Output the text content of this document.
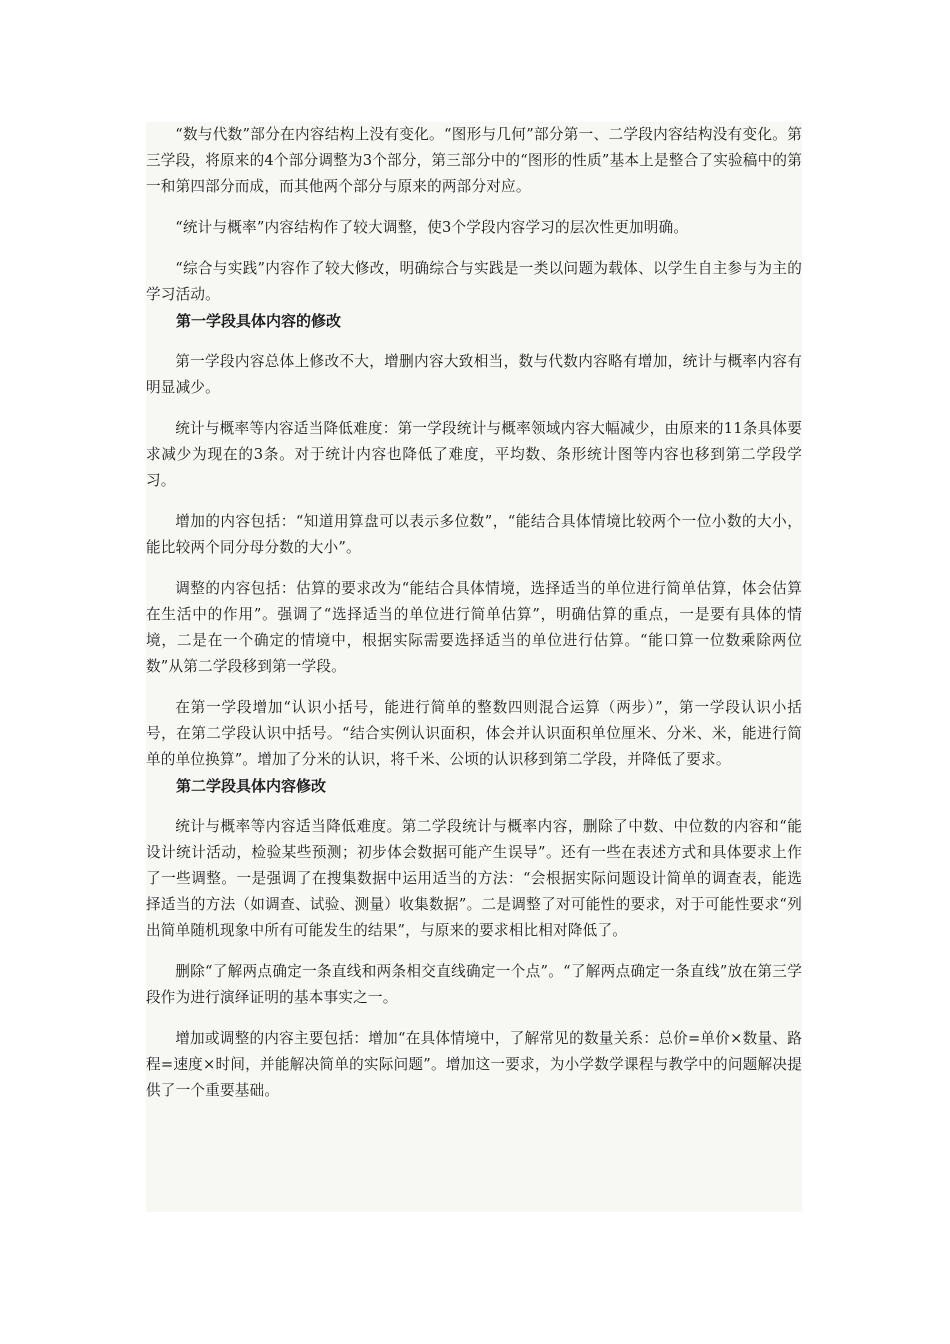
“数与代数”部分在内容结构上没有变化。“图形与几何”部分第一、二学段内容结构没有变化。第三学段，将原来的4个部分调整为3个部分，第三部分中的“图形的性质”基本上是整合了实验稿中的第一和第四部分而成，而其他两个部分与原来的两部分对应。

“统计与概率”内容结构作了较大调整，使3个学段内容学习的层次性更加明确。

“综合与实践”内容作了较大修改，明确综合与实践是一类以问题为载体、以学生自主参与为主的学习活动。

第一学段具体内容的修改

第一学段内容总体上修改不大，增删内容大致相当，数与代数内容略有增加，统计与概率内容有明显减少。

统计与概率等内容适当降低难度：第一学段统计与概率领域内容大幅减少，由原来的11条具体要求减少为现在的3条。对于统计内容也降低了难度，平均数、条形统计图等内容也移到第二学段学习。

增加的内容包括：“知道用算盘可以表示多位数”，“能结合具体情境比较两个一位小数的大小，能比较两个同分母分数的大小”。

调整的内容包括：估算的要求改为“能结合具体情境，选择适当的单位进行简单估算，体会估算在生活中的作用”。强调了“选择适当的单位进行简单估算”，明确估算的重点，一是要有具体的情境，二是在一个确定的情境中，根据实际需要选择适当的单位进行估算。“能口算一位数乘除两位数”从第二学段移到第一学段。

在第一学段增加“认识小括号，能进行简单的整数四则混合运算（两步）”，第一学段认识小括号，在第二学段认识中括号。“结合实例认识面积，体会并认识面积单位厘米、分米、米，能进行简单的单位换算”。增加了分米的认识，将千米、公顷的认识移到第二学段，并降低了要求。

第二学段具体内容修改

统计与概率等内容适当降低难度。第二学段统计与概率内容，删除了中数、中位数的内容和“能设计统计活动，检验某些预测；初步体会数据可能产生误导”。还有一些在表述方式和具体要求上作了一些调整。一是强调了在搜集数据中运用适当的方法：“会根据实际问题设计简单的调查表，能选择适当的方法（如调查、试验、测量）收集数据”。二是调整了对可能性的要求，对于可能性要求“列出简单随机现象中所有可能发生的结果”，与原来的要求相比相对降低了。

删除“了解两点确定一条直线和两条相交直线确定一个点”。“了解两点确定一条直线”放在第三学段作为进行演绎证明的基本事实之一。

增加或调整的内容主要包括：增加“在具体情境中，了解常见的数量关系：总价=单价×数量、路程=速度×时间，并能解决简单的实际问题”。增加这一要求，为小学数学课程与教学中的问题解决提供了一个重要基础。
